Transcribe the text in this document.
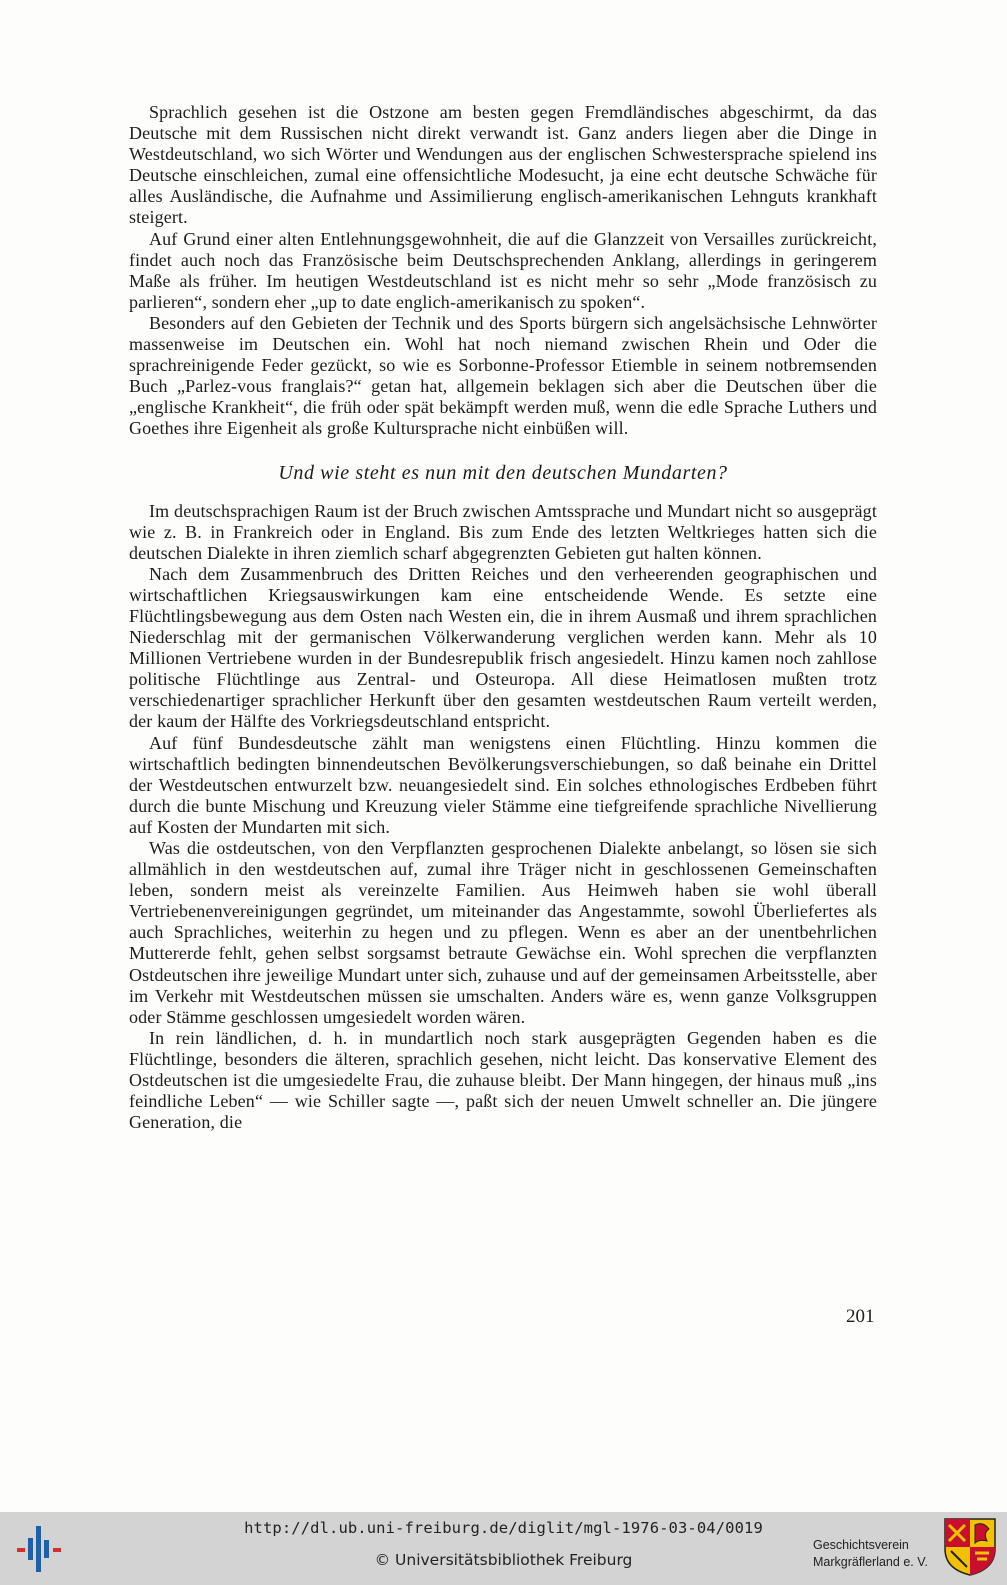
Sprachlich gesehen ist die Ostzone am besten gegen Fremdländisches abgeschirmt, da das Deutsche mit dem Russischen nicht direkt verwandt ist. Ganz anders liegen aber die Dinge in Westdeutschland, wo sich Wörter und Wendungen aus der englischen Schwestersprache spielend ins Deutsche einschleichen, zumal eine offensichtliche Modesucht, ja eine echt deutsche Schwäche für alles Ausländische, die Aufnahme und Assimilierung englisch-amerikanischen Lehnguts krankhaft steigert.

Auf Grund einer alten Entlehnungsgewohnheit, die auf die Glanzzeit von Versailles zurückreicht, findet auch noch das Französische beim Deutschsprechenden Anklang, allerdings in geringerem Maße als früher. Im heutigen Westdeutschland ist es nicht mehr so sehr „Mode französisch zu parlieren“, sondern eher „up to date englich-amerikanisch zu spoken“.

Besonders auf den Gebieten der Technik und des Sports bürgern sich angelsächsische Lehnwörter massenweise im Deutschen ein. Wohl hat noch niemand zwischen Rhein und Oder die sprachreinigende Feder gezückt, so wie es Sorbonne-Professor Etiemble in seinem notbremsenden Buch „Parlez-vous franglais?“ getan hat, allgemein beklagen sich aber die Deutschen über die „englische Krankheit“, die früh oder spät bekämpft werden muß, wenn die edle Sprache Luthers und Goethes ihre Eigenheit als große Kultursprache nicht einbüßen will.

Und wie steht es nun mit den deutschen Mundarten?

Im deutschsprachigen Raum ist der Bruch zwischen Amtssprache und Mundart nicht so ausgeprägt wie z. B. in Frankreich oder in England. Bis zum Ende des letzten Weltkrieges hatten sich die deutschen Dialekte in ihren ziemlich scharf abgegrenzten Gebieten gut halten können.

Nach dem Zusammenbruch des Dritten Reiches und den verheerenden geographischen und wirtschaftlichen Kriegsauswirkungen kam eine entscheidende Wende. Es setzte eine Flüchtlingsbewegung aus dem Osten nach Westen ein, die in ihrem Ausmaß und ihrem sprachlichen Niederschlag mit der germanischen Völkerwanderung verglichen werden kann. Mehr als 10 Millionen Vertriebene wurden in der Bundesrepublik frisch angesiedelt. Hinzu kamen noch zahllose politische Flüchtlinge aus Zentral- und Osteuropa. All diese Heimatlosen mußten trotz verschiedenartiger sprachlicher Herkunft über den gesamten westdeutschen Raum verteilt werden, der kaum der Hälfte des Vorkriegsdeutschland entspricht.

Auf fünf Bundesdeutsche zählt man wenigstens einen Flüchtling. Hinzu kommen die wirtschaftlich bedingten binnendeutschen Bevölkerungsverschiebungen, so daß beinahe ein Drittel der Westdeutschen entwurzelt bzw. neuangesiedelt sind. Ein solches ethnologisches Erdbeben führt durch die bunte Mischung und Kreuzung vieler Stämme eine tiefgreifende sprachliche Nivellierung auf Kosten der Mundarten mit sich.

Was die ostdeutschen, von den Verpflanzten gesprochenen Dialekte anbelangt, so lösen sie sich allmählich in den westdeutschen auf, zumal ihre Träger nicht in geschlossenen Gemeinschaften leben, sondern meist als vereinzelte Familien. Aus Heimweh haben sie wohl überall Vertriebenenvereinigungen gegründet, um miteinander das Angestammte, sowohl Überliefertes als auch Sprachliches, weiterhin zu hegen und zu pflegen. Wenn es aber an der unentbehrlichen Muttererde fehlt, gehen selbst sorgsamst betraute Gewächse ein. Wohl sprechen die verpflanzten Ostdeutschen ihre jeweilige Mundart unter sich, zuhause und auf der gemeinsamen Arbeitsstelle, aber im Verkehr mit Westdeutschen müssen sie umschalten. Anders wäre es, wenn ganze Volksgruppen oder Stämme geschlossen umgesiedelt worden wären.

In rein ländlichen, d. h. in mundartlich noch stark ausgeprägten Gegenden haben es die Flüchtlinge, besonders die älteren, sprachlich gesehen, nicht leicht. Das konservative Element des Ostdeutschen ist die umgesiedelte Frau, die zuhause bleibt. Der Mann hingegen, der hinaus muß „ins feindliche Leben“ — wie Schiller sagte —, paßt sich der neuen Umwelt schneller an. Die jüngere Generation, die

201
http://dl.ub.uni-freiburg.de/diglit/mgl-1976-03-04/0019
© Universitätsbibliothek Freiburg
Geschichtsverein
Markgräflerland e. V.
